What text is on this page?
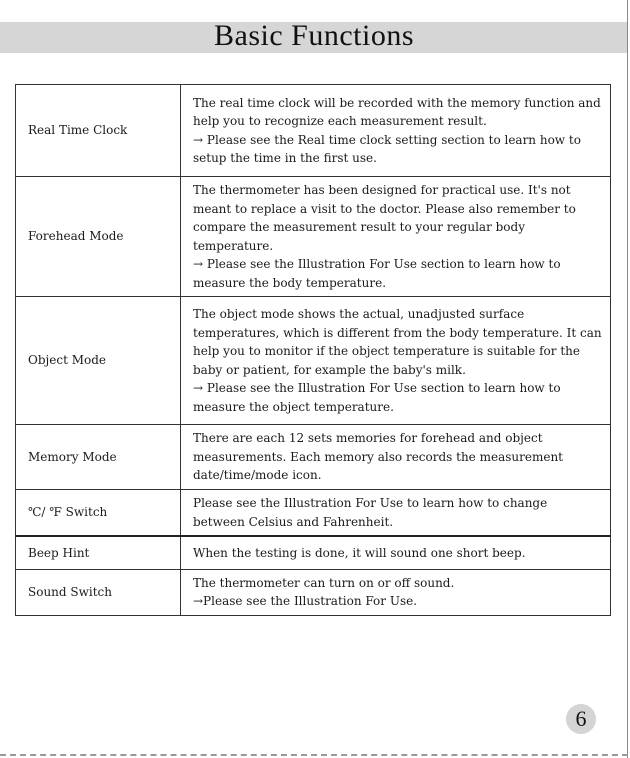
Basic Functions
Real Time Clock	The real time clock will be recorded with the memory function and help you to recognize each measurement result.

→ Please see the Real time clock setting section to learn how to setup the time in the first use.

Forehead Mode	The thermometer has been designed for practical use. It's not meant to replace a visit to the doctor. Please also remember to compare the measurement result to your regular body temperature.

→ Please see the Illustration For Use section to learn how to measure the body temperature.

Object Mode	The object mode shows the actual, unadjusted surface temperatures, which is different from the body temperature. It can help you to monitor if the object temperature is suitable for the baby or patient, for example the baby's milk.

→ Please see the Illustration For Use section to learn how to measure the object temperature.

Memory Mode	There are each 12 sets memories for forehead and object measurements. Each memory also records the measurement date/time/mode icon.

℃/ ℉ Switch	Please see the Illustration For Use to learn how to change between Celsius and Fahrenheit.

Beep Hint	When the testing is done, it will sound one short beep.

Sound Switch	The thermometer can turn on or off sound.

→Please see the Illustration For Use.

6
